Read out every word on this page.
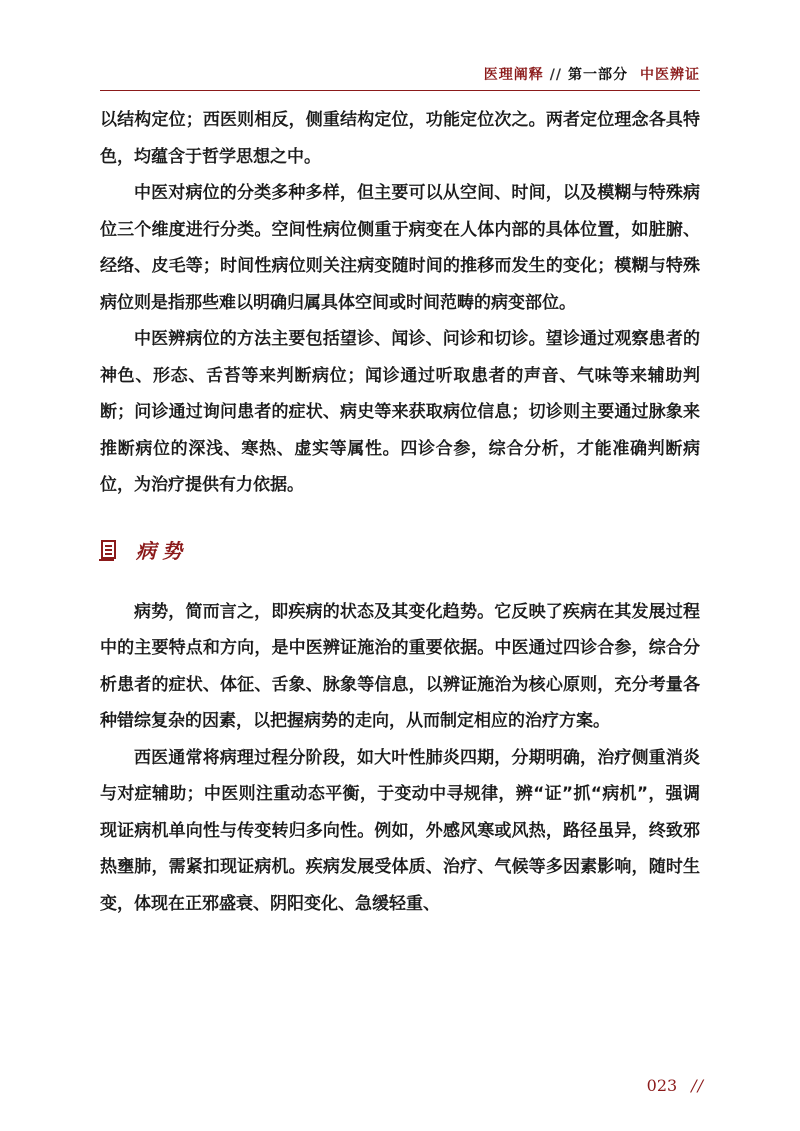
医理阐释 // 第一部分 中医辨证

以结构定位；西医则相反，侧重结构定位，功能定位次之。两者定位理念各具特色，均蕴含于哲学思想之中。

中医对病位的分类多种多样，但主要可以从空间、时间，以及模糊与特殊病位三个维度进行分类。空间性病位侧重于病变在人体内部的具体位置，如脏腑、经络、皮毛等；时间性病位则关注病变随时间的推移而发生的变化；模糊与特殊病位则是指那些难以明确归属具体空间或时间范畴的病变部位。

中医辨病位的方法主要包括望诊、闻诊、问诊和切诊。望诊通过观察患者的神色、形态、舌苔等来判断病位；闻诊通过听取患者的声音、气味等来辅助判断；问诊通过询问患者的症状、病史等来获取病位信息；切诊则主要通过脉象来推断病位的深浅、寒热、虚实等属性。四诊合参，综合分析，才能准确判断病位，为治疗提供有力依据。

病势

病势，简而言之，即疾病的状态及其变化趋势。它反映了疾病在其发展过程中的主要特点和方向，是中医辨证施治的重要依据。中医通过四诊合参，综合分析患者的症状、体征、舌象、脉象等信息，以辨证施治为核心原则，充分考量各种错综复杂的因素，以把握病势的走向，从而制定相应的治疗方案。

西医通常将病理过程分阶段，如大叶性肺炎四期，分期明确，治疗侧重消炎与对症辅助；中医则注重动态平衡，于变动中寻规律，辨“证”抓“病机”，强调现证病机单向性与传变转归多向性。例如，外感风寒或风热，路径虽异，终致邪热壅肺，需紧扣现证病机。疾病发展受体质、治疗、气候等多因素影响，随时生变，体现在正邪盛衰、阴阳变化、急缓轻重、

023 //
